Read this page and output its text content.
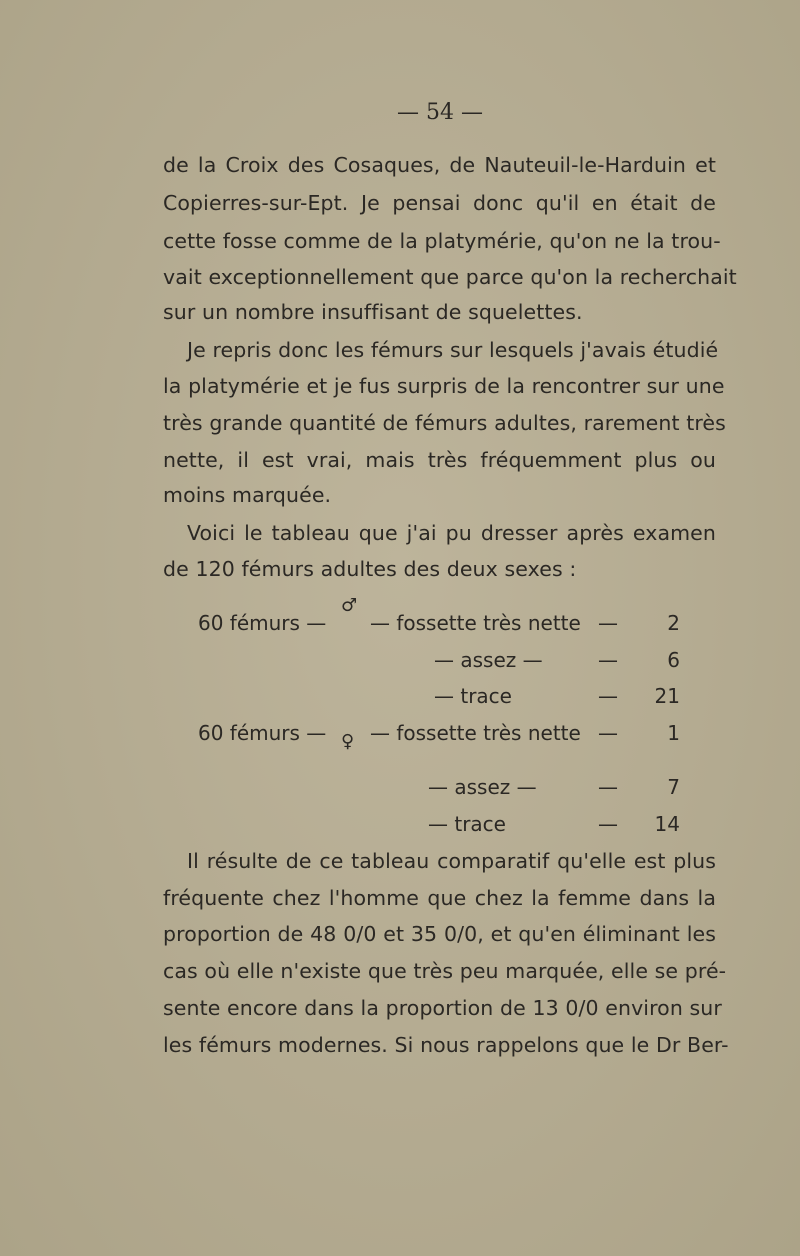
— 54 —
de la Croix des Cosaques, de Nauteuil-le-Harduin et
Copierres-sur-Ept. Je pensai donc qu'il en était de
cette fosse comme de la platymérie, qu'on ne la trou-
vait exceptionnellement que parce qu'on la recherchait
sur un nombre insuffisant de squelettes.
Je repris donc les fémurs sur lesquels j'avais étudié
la platymérie et je fus surpris de la rencontrer sur une
très grande quantité de fémurs adultes, rarement très
nette, il est vrai, mais très fréquemment plus ou
moins marquée.
Voici le tableau que j'ai pu dresser après examen
de 120 fémurs adultes des deux sexes :
♂
60 fémurs — — fossette très nette —	2
— assez —	—	6
— trace	— 21
60 fémurs — ♀ — fossette très nette —	1
— assez —	—	7
— trace	— 14
Il résulte de ce tableau comparatif qu'elle est plus
fréquente chez l'homme que chez la femme dans la
proportion de 48 0/0 et 35 0/0, et qu'en éliminant les
cas où elle n'existe que très peu marquée, elle se pré-
sente encore dans la proportion de 13 0/0 environ sur
les fémurs modernes. Si nous rappelons que le Dr Ber-
